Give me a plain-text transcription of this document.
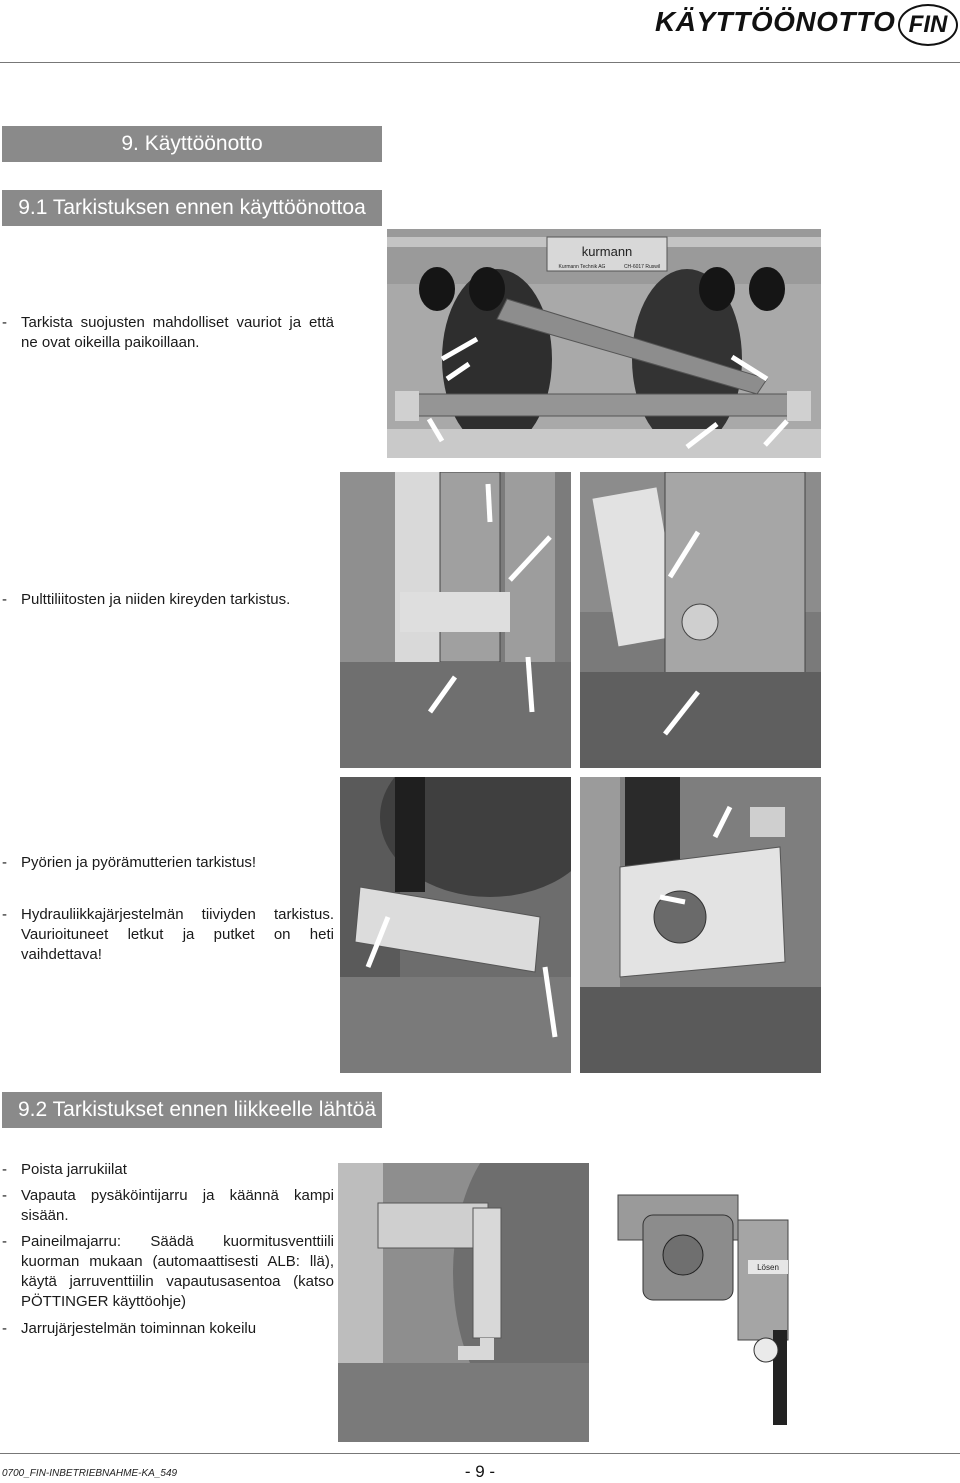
KÄYTTÖÖNOTTO FIN
9. Käyttöönotto
9.1 Tarkistuksen ennen käyttöönottoa
- Tarkista suojusten mahdolliset vauriot ja että ne ovat oikeilla paikoillaan.
- Pulttiliitosten ja niiden kireyden tarkistus.
- Pyörien ja pyörämutterien tarkistus!
- Hydrauliikkajärjestelmän tiiviyden tarkistus. Vaurioituneet letkut ja putket on heti vaihdettava!
kurmann
Kurmann Technik AG	CH-6017 Ruswil
9.2 Tarkistukset ennen liikkeelle lähtöä
- Poista jarrukiilat
- Vapauta pysäköintijarru ja käännä kampi sisään.
- Paineilmajarru: Säädä kuormitusventtiili kuorman mukaan (automaattisesti ALB: llä), käytä jarruventtiilin vapautusasentoa (katso PÖTTINGER käyttöohje)
- Jarrujärjestelmän toiminnan kokeilu
Lösen
0700_FIN-INBETRIEBNAHME-KA_549	- 9 -
